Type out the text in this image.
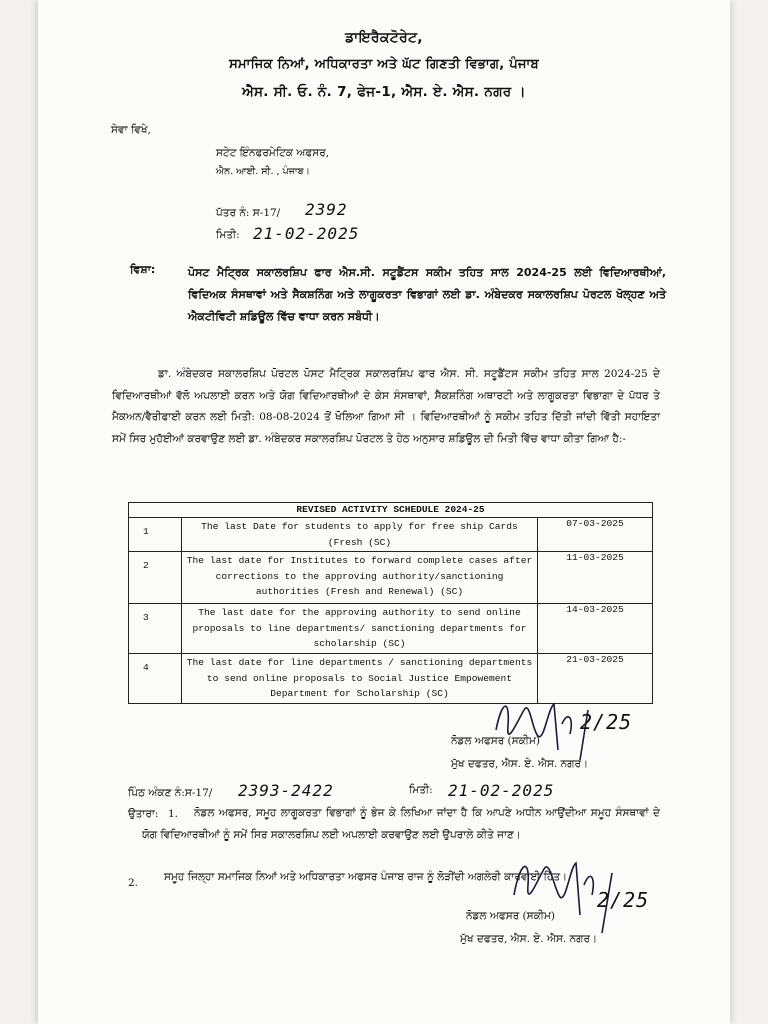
ਡਾਇਰੈਕਟੋਰੇਟ,
ਸਮਾਜਿਕ ਨਿਆਂ, ਅਧਿਕਾਰਤਾ ਅਤੇ ਘੱਟ ਗਿਣਤੀ ਵਿਭਾਗ, ਪੰਜਾਬ
ਐਸ. ਸੀ. ਓ. ਨੰ. 7, ਫੇਜ-1, ਐਸ. ਏ. ਐਸ. ਨਗਰ ।
ਸੇਵਾ ਵਿਖੇ,
ਸਟੇਟ ਇੰਨਫਰਮੇਟਿਕ ਅਫਸਰ,
ਐਨ. ਆਈ. ਸੀ. , ਪੰਜਾਬ।
ਪੱਤਰ ਨੰ: ਸ-17/ 2392
ਮਿਤੀ: 21-02-2025
ਵਿਸ਼ਾ:	ਪੋਸਟ ਮੈਟ੍ਰਿਕ ਸਕਾਲਰਸ਼ਿਪ ਫਾਰ ਐਸ.ਸੀ. ਸਟੂਡੈਂਟਸ ਸਕੀਮ ਤਹਿਤ ਸਾਲ 2024-25 ਲਈ ਵਿਦਿਆਰਥੀਆਂ, ਵਿਦਿਅਕ ਸੰਸਥਾਵਾਂ ਅਤੇ ਸੈਕਸ਼ਨਿੰਗ ਅਤੇ ਲਾਗੂਕਰਤਾ ਵਿਭਾਗਾਂ ਲਈ ਡਾ. ਅੰਬੇਦਕਰ ਸਕਾਲਰਸ਼ਿਪ ਪੋਰਟਲ ਖੋਲ੍ਹਣ ਅਤੇ ਐਕਟੀਵਿਟੀ ਸ਼ਡਿਊਲ ਵਿੱਚ ਵਾਧਾ ਕਰਨ ਸਬੰਧੀ।
ਡਾ. ਅੰਬੇਦਕਰ ਸਕਾਲਰਸ਼ਿਪ ਪੋਰਟਲ ਪੋਸਟ ਮੈਟ੍ਰਿਕ ਸਕਾਲਰਸ਼ਿਪ ਫਾਰ ਐਸ. ਸੀ. ਸਟੂਡੈਂਟਸ ਸਕੀਮ ਤਹਿਤ ਸਾਲ 2024-25 ਦੇ ਵਿਦਿਆਰਥੀਆਂ ਵੱਲੋ ਅਪਲਾਈ ਕਰਨ ਅਤੇ ਯੋਗ ਵਿਦਿਆਰਥੀਆਂ ਦੇ ਕੇਸ ਸੰਸਥਾਵਾਂ, ਸੈਕਸ਼ਨਿੰਗ ਅਥਾਰਟੀ ਅਤੇ ਲਾਗੂਕਰਤਾ ਵਿਭਾਗਾ ਦੇ ਪੱਧਰ ਤੇ ਮੈਕਅਨ/ਵੈਰੀਫਾਈ ਕਰਨ ਲਈ ਮਿਤੀ: 08-08-2024 ਤੋਂ ਖੋਲਿਆ ਗਿਆ ਸੀ । ਵਿਦਿਆਰਥੀਆਂ ਨੂੰ ਸਕੀਮ ਤਹਿਤ ਦਿੱਤੀ ਜਾਂਦੀ ਵਿੱਤੀ ਸਹਾਇਤਾ ਸਮੇਂ ਸਿਰ ਮੁਹੱਈਆਂ ਕਰਵਾਉਣ ਲਈ ਡਾ. ਅੰਬੇਦਕਰ ਸਕਾਲਰਸ਼ਿਪ ਪੋਰਟਲ ਤੇ ਹੇਠ ਅਨੁਸਾਰ ਸ਼ਡਿਊਲ ਦੀ ਮਿਤੀ ਵਿੱਚ ਵਾਧਾ ਕੀਤਾ ਗਿਆ ਹੈ:-
REVISED ACTIVITY SCHEDULE 2024-25		
1	The last Date for students to apply for free ship Cards (Fresh (SC)	07-03-2025
2	The last date for Institutes to forward complete cases after corrections to the approving authority/sanctioning authorities (Fresh and Renewal) (SC)	11-03-2025
3	The last date for the approving authority to send online proposals to line departments/ sanctioning departments for scholarship (SC)	14-03-2025
4	The last date for line departments / sanctioning departments to send online proposals to Social Justice Empowement Department for Scholarship (SC)	21-03-2025
2/25
ਨੋਡਲ ਅਫਸਰ (ਸਕੀਮ)
ਮੁੱਖ ਦਫਤਰ, ਐਸ. ਏ. ਐਸ. ਨਗਰ।
ਪਿੰਠ ਅੰਕਣ ਨੰ:ਸ-17/ 2393-2422	ਮਿਤੀ: 21-02-2025
ਉਤਾਰਾ: 1.	ਨੋਡਲ ਅਫਸਰ, ਸਮੂਹ ਲਾਗੂਕਰਤਾ ਵਿਭਾਗਾਂ ਨੂੰ ਭੇਜ ਕੇ ਲਿਖਿਆ ਜਾਂਦਾ ਹੈ ਕਿ ਆਪਣੇ ਅਧੀਨ ਆਉਂਦੀਆ ਸਮੂਹ ਸੰਸਥਾਵਾਂ ਦੇ ਯੋਗ ਵਿਦਿਆਰਥੀਆਂ ਨੂੰ ਸਮੇਂ ਸਿਰ ਸਕਾਲਰਸ਼ਿਪ ਲਈ ਅਪਲਾਈ ਕਰਵਾਉਣ ਲਈ ਉਪਰਾਲੇ ਕੀਤੇ ਜਾਣ।
2. ਸਮੂਹ ਜਿਲ੍ਹਾ ਸਮਾਜਿਕ ਨਿਆਂ ਅਤੇ ਅਧਿਕਾਰਤਾ ਅਫਸਰ ਪੰਜਾਬ ਰਾਜ ਨੂੰ ਲੋੜੀਂਦੀ ਅਗਲੇਰੀ ਕਾਰਵਾਈ ਹਿੱਤ।
2/25
ਨੋਡਲ ਅਫਸਰ (ਸਕੀਮ)
ਮੁੱਖ ਦਫਤਰ, ਐਸ. ਏ. ਐਸ. ਨਗਰ।
